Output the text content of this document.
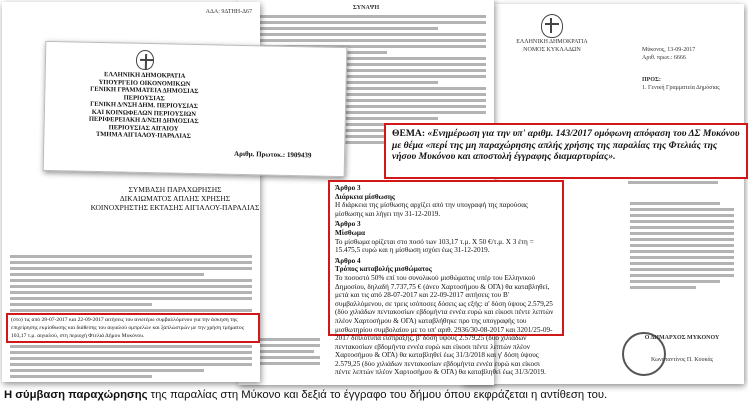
ΕΛΛΗΝΙΚΗ ΔΗΜΟΚΡΑΤΙΑ
ΝΟΜΟΣ ΚΥΚΛΑΔΩΝ	Μύκονος, 13-09-2017
Αριθ. πρωτ.: 6666
ΠΡΟΣ:
1. Γενική Γραμματεία Δημόσιας
Ο ΔΗΜΑΡΧΟΣ ΜΥΚΟΝΟΥ
Κωνσταντίνος Π. Κουκάς
ΣΥΝΑΨΗ
ΑΔΑ: 9ΔΤΗΗ-Δ67
ΕΛΛΗΝΙΚΗ ΔΗΜΟΚΡΑΤΙΑ
ΥΠΟΥΡΓΕΙΟ ΟΙΚΟΝΟΜΙΚΩΝ
ΓΕΝΙΚΗ ΓΡΑΜΜΑΤΕΙΑ ΔΗΜΟΣΙΑΣ
ΠΕΡΙΟΥΣΙΑΣ
ΓΕΝΙΚΗ Δ/ΝΣΗ ΔΗΜ. ΠΕΡΙΟΥΣΙΑΣ
ΚΑΙ ΚΟΙΝΩΦΕΛΩΝ ΠΕΡΙΟΥΣΙΩΝ
ΠΕΡΙΦΕΡΕΙΑΚΗ Δ/ΝΣΗ ΔΗΜΟΣΙΑΣ
ΠΕΡΙΟΥΣΙΑΣ ΑΙΓΑΙΟΥ
ΤΜΗΜΑ ΑΙΓΙΑΛΟΥ-ΠΑΡΑΛΙΑΣ
Αριθμ. Πρωτοκ.: 1909439
ΣΥΜΒΑΣΗ ΠΑΡΑΧΩΡΗΣΗΣ
ΔΙΚΑΙΩΜΑΤΟΣ ΑΠΛΗΣ ΧΡΗΣΗΣ
ΚΟΙΝΟΧΡΗΣΤΗΣ ΕΚΤΑΣΗΣ ΑΙΓΙΑΛΟΥ-ΠΑΡΑΛΙΑΣ
(στο) τις από 28-07-2017 και 22-09-2017 αιτήσεις του ανωτέρω συμβαλλόμενου για την άσκηση της επιχείρησης εκμίσθωσης και διάθεσης του αιγιαλού ομπρελών και ξαπλώστρών με την χρήση τμήματος 103,17 τ.μ. αιγιαλού, στη περιοχή Φτελιά Δήμου Μυκόνου.
Άρθρο 3
Διάρκεια μίσθωσης
Η διάρκεια της μίσθωσης αρχίζει από την υπογραφή της παρούσας μίσθωσης και λήγει την 31-12-2019.
Άρθρο 3
Μίσθωμα
Το μίσθωμα ορίζεται στο ποσό των 103,17 τ.μ. Χ 50 €/τ.μ. Χ 3 έτη = 15.475,5 ευρώ και η μίσθωση ισχύει έως 31-12-2019.
Άρθρο 4
Τρόπος καταβολής μισθώματος
Το ποσοστό 50% επί του συνολικού μισθώματος υπέρ του Ελληνικού Δημοσίου, δηλαδή 7.737,75 € (άνευ Χαρτοσήμου & ΟΓΑ) θα καταβληθεί, μετά και τις από 28-07-2017 και 22-09-2017 αιτήσεις του Β' συμβαλλόμενου, σε τρεις ισόποσες δόσεις ως εξής: α' δόση ύψους 2.579,25 (δύο χιλιάδων πεντακοσίων εβδομήντα εννέα ευρώ και είκοσι πέντε λεπτών πλέον Χαρτοσήμου & ΟΓΑ) καταβλήθηκε προ της υπογραφής του μισθωτηρίου συμβολαίου με το υπ' αριθ. 2936/30-08-2017 και 3201/25-09-2017 διπλότυπα είσπραξης, β' δόση ύψους 2.579,25 (δύο χιλιάδων πεντακοσίων εβδομήντα εννέα ευρώ και είκοσι πέντε λεπτών πλέον Χαρτοσήμου & ΟΓΑ) θα καταβληθεί έως 31/3/2018 και γ' δόση ύψους 2.579,25 (δύο χιλιάδων πεντακοσίων εβδομήντα εννέα ευρώ και είκοσι πέντε λεπτών πλέον Χαρτοσήμου & ΟΓΑ) θα καταβληθεί έως 31/3/2019.
ΘΕΜΑ: «Ενημέρωση για την υπ' αριθμ. 143/2017 ομόφωνη απόφαση του ΔΣ Μυκόνου με θέμα «περί της μη παραχώρησης απλής χρήσης της παραλίας της Φτελιάς της νήσου Μυκόνου και αποστολή έγγραφης διαμαρτυρίας».
Η σύμβαση παραχώρησης της παραλίας στη Μύκονο και δεξιά το έγγραφο του δήμου όπου εκφράζεται η αντίθεση του.
